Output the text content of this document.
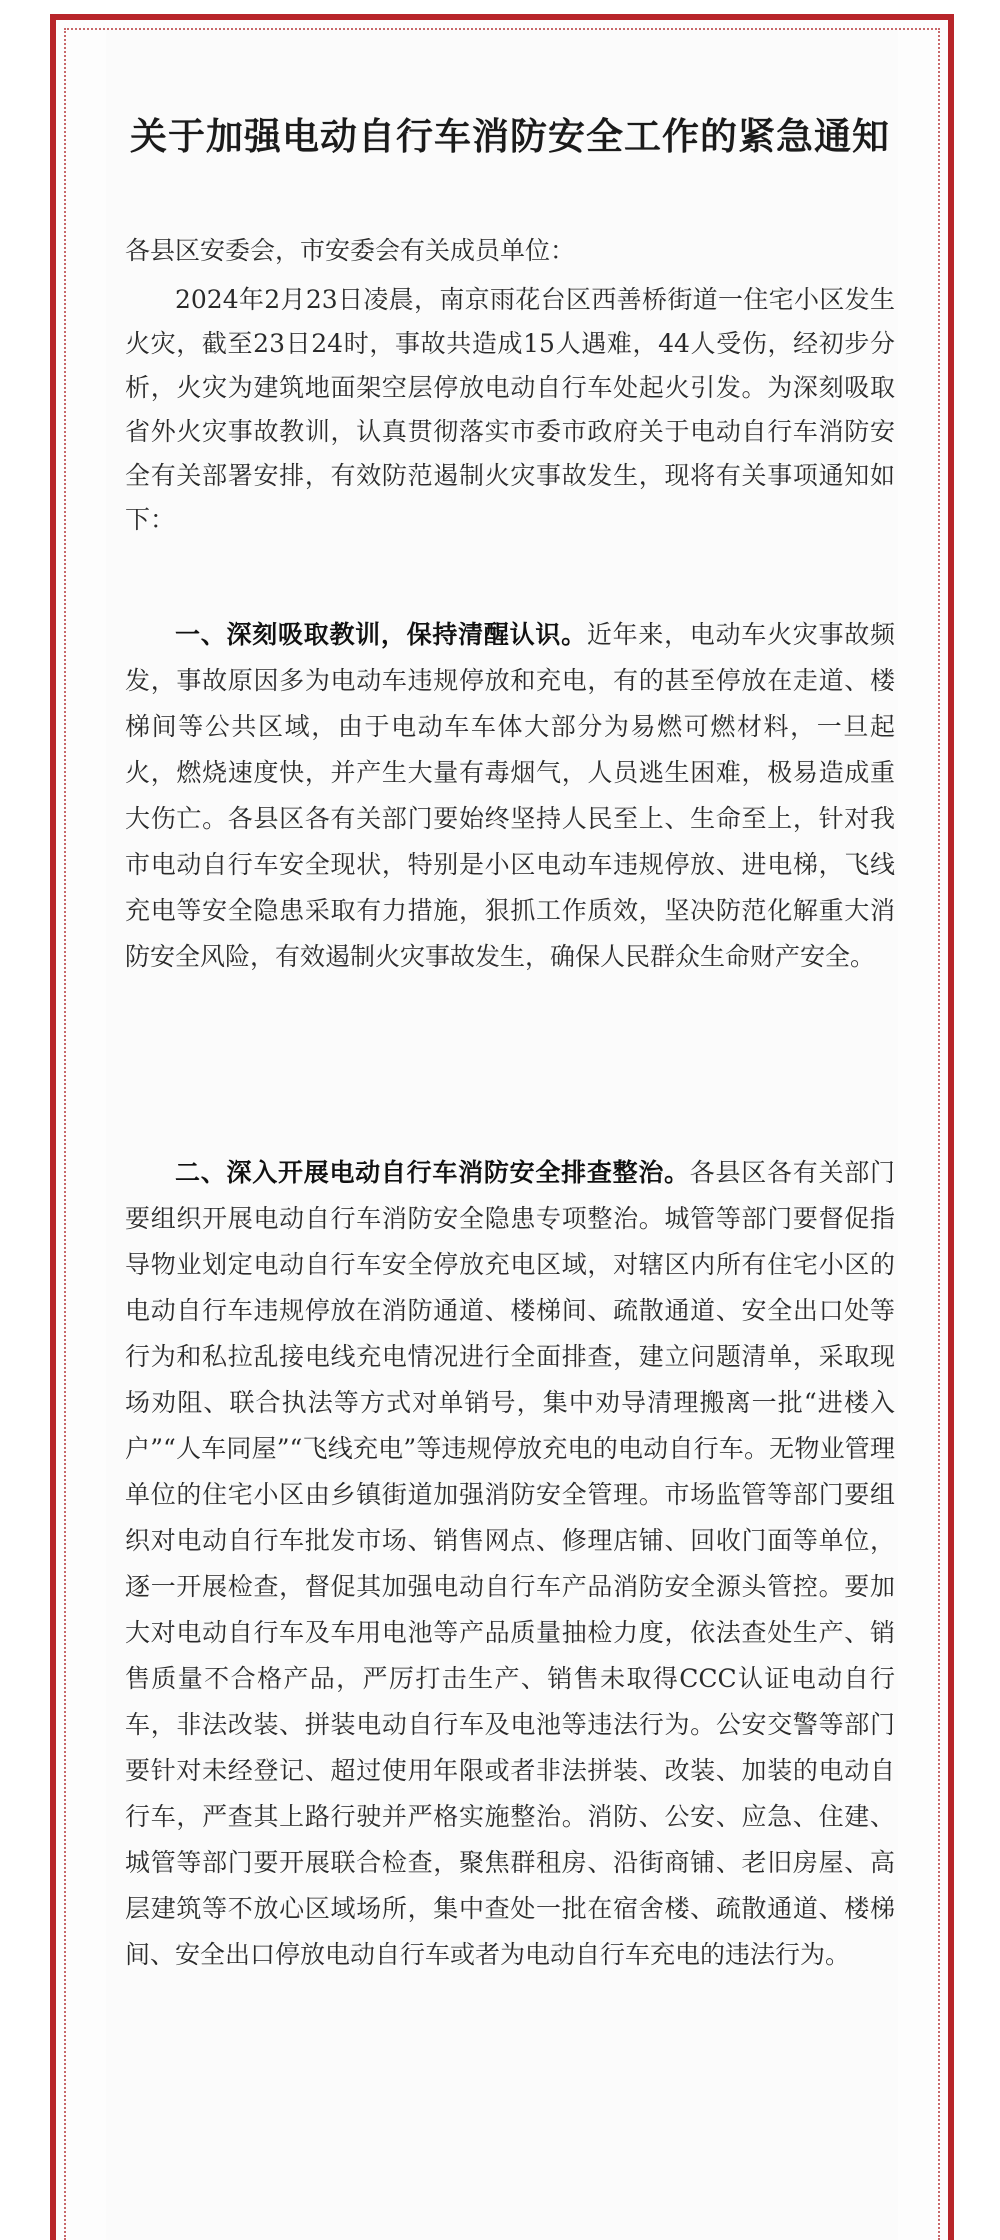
关于加强电动自行车消防安全工作的紧急通知

各县区安委会，市安委会有关成员单位：

2024年2月23日凌晨，南京雨花台区西善桥街道一住宅小区发生火灾，截至23日24时，事故共造成15人遇难，44人受伤，经初步分析，火灾为建筑地面架空层停放电动自行车处起火引发。为深刻吸取省外火灾事故教训，认真贯彻落实市委市政府关于电动自行车消防安全有关部署安排，有效防范遏制火灾事故发生，现将有关事项通知如下：

一、深刻吸取教训，保持清醒认识。近年来，电动车火灾事故频发，事故原因多为电动车违规停放和充电，有的甚至停放在走道、楼梯间等公共区域，由于电动车车体大部分为易燃可燃材料，一旦起火，燃烧速度快，并产生大量有毒烟气，人员逃生困难，极易造成重大伤亡。各县区各有关部门要始终坚持人民至上、生命至上，针对我市电动自行车安全现状，特别是小区电动车违规停放、进电梯，飞线充电等安全隐患采取有力措施，狠抓工作质效，坚决防范化解重大消防安全风险，有效遏制火灾事故发生，确保人民群众生命财产安全。

二、深入开展电动自行车消防安全排查整治。各县区各有关部门要组织开展电动自行车消防安全隐患专项整治。城管等部门要督促指导物业划定电动自行车安全停放充电区域，对辖区内所有住宅小区的电动自行车违规停放在消防通道、楼梯间、疏散通道、安全出口处等行为和私拉乱接电线充电情况进行全面排查，建立问题清单，采取现场劝阻、联合执法等方式对单销号，集中劝导清理搬离一批“进楼入户”“人车同屋”“飞线充电”等违规停放充电的电动自行车。无物业管理单位的住宅小区由乡镇街道加强消防安全管理。市场监管等部门要组织对电动自行车批发市场、销售网点、修理店铺、回收门面等单位，逐一开展检查，督促其加强电动自行车产品消防安全源头管控。要加大对电动自行车及车用电池等产品质量抽检力度，依法查处生产、销售质量不合格产品，严厉打击生产、销售未取得CCC认证电动自行车，非法改装、拼装电动自行车及电池等违法行为。公安交警等部门要针对未经登记、超过使用年限或者非法拼装、改装、加装的电动自行车，严查其上路行驶并严格实施整治。消防、公安、应急、住建、城管等部门要开展联合检查，聚焦群租房、沿街商铺、老旧房屋、高层建筑等不放心区域场所，集中查处一批在宿舍楼、疏散通道、楼梯间、安全出口停放电动自行车或者为电动自行车充电的违法行为。
